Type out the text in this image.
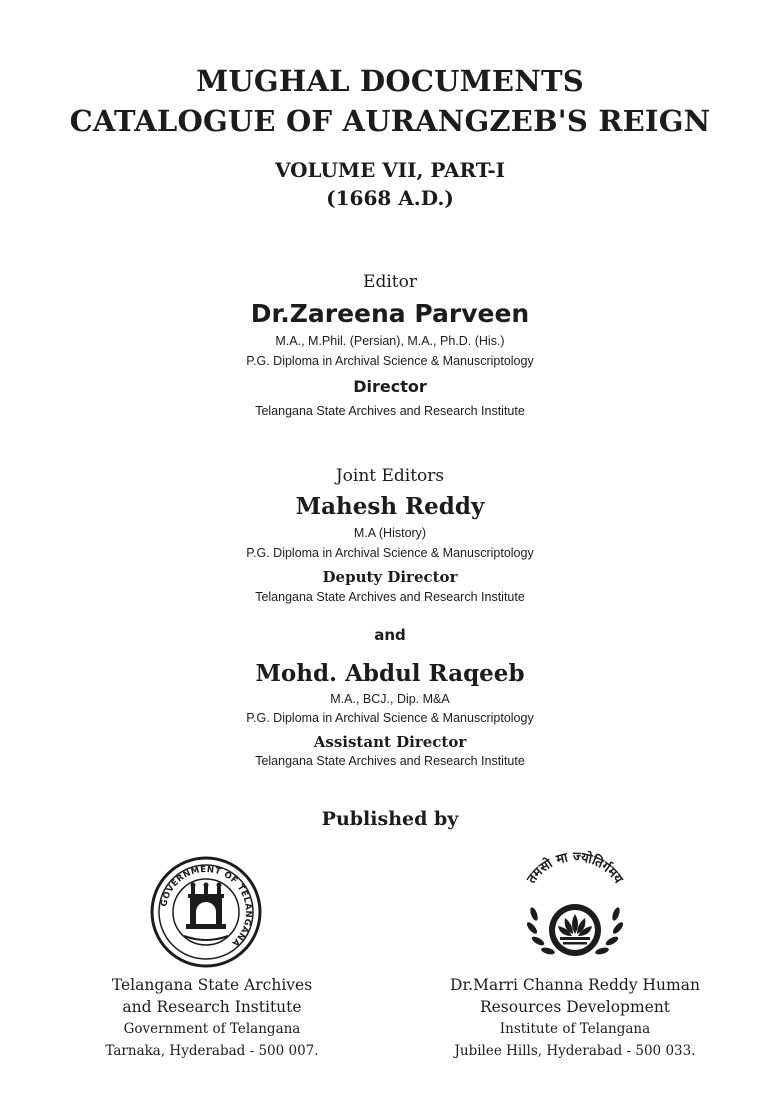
MUGHAL DOCUMENTS
CATALOGUE OF AURANGZEB'S REIGN
VOLUME VII, PART-I
(1668 A.D.)
Editor
Dr.Zareena Parveen
M.A., M.Phil. (Persian), M.A., Ph.D. (His.)
P.G. Diploma in Archival Science & Manuscriptology
Director
Telangana State Archives and Research Institute
Joint Editors
Mahesh Reddy
M.A (History)
P.G. Diploma in Archival Science & Manuscriptology
Deputy Director
Telangana State Archives and Research Institute
and
Mohd. Abdul Raqeeb
M.A., BCJ., Dip. M&A
P.G. Diploma in Archival Science & Manuscriptology
Assistant Director
Telangana State Archives and Research Institute
Published by
GOVERNMENT OF TELANGANA
तमसो मा ज्योतिर्गमय
Telangana State Archives
and Research Institute
Government of Telangana
Tarnaka, Hyderabad - 500 007.
Dr.Marri Channa Reddy Human
Resources Development
Institute of Telangana
Jubilee Hills, Hyderabad - 500 033.
